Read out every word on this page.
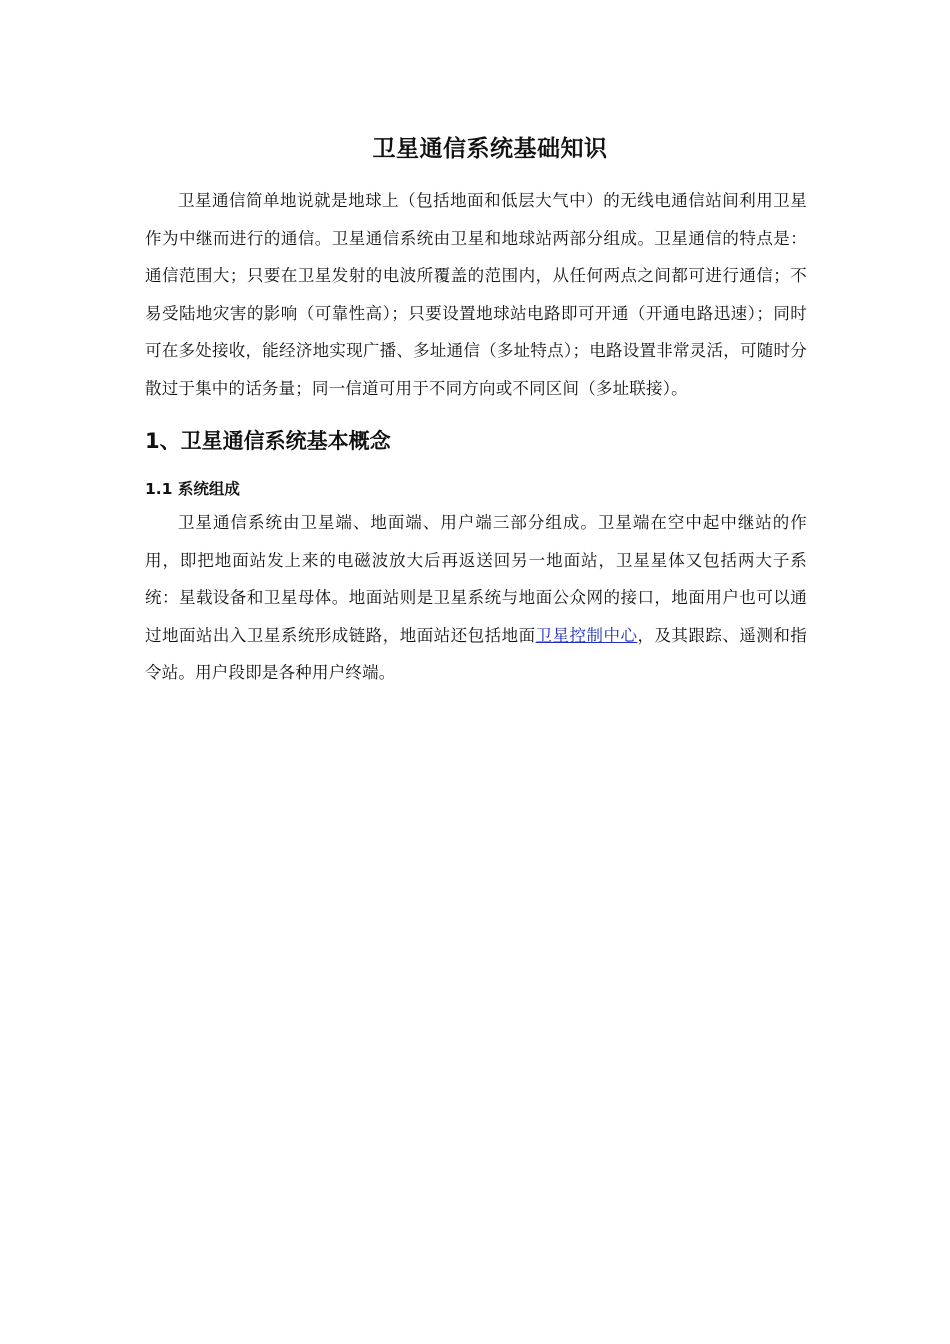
卫星通信系统基础知识

卫星通信简单地说就是地球上（包括地面和低层大气中）的无线电通信站间利用卫星作为中继而进行的通信。卫星通信系统由卫星和地球站两部分组成。卫星通信的特点是：通信范围大；只要在卫星发射的电波所覆盖的范围内，从任何两点之间都可进行通信；不易受陆地灾害的影响（可靠性高）；只要设置地球站电路即可开通（开通电路迅速）；同时可在多处接收，能经济地实现广播、多址通信（多址特点）；电路设置非常灵活，可随时分散过于集中的话务量；同一信道可用于不同方向或不同区间（多址联接）。

1、卫星通信系统基本概念
1.1 系统组成

卫星通信系统由卫星端、地面端、用户端三部分组成。卫星端在空中起中继站的作用，即把地面站发上来的电磁波放大后再返送回另一地面站，卫星星体又包括两大子系统：星载设备和卫星母体。地面站则是卫星系统与地面公众网的接口，地面用户也可以通过地面站出入卫星系统形成链路，地面站还包括地面卫星控制中心，及其跟踪、遥测和指令站。用户段即是各种用户终端。
